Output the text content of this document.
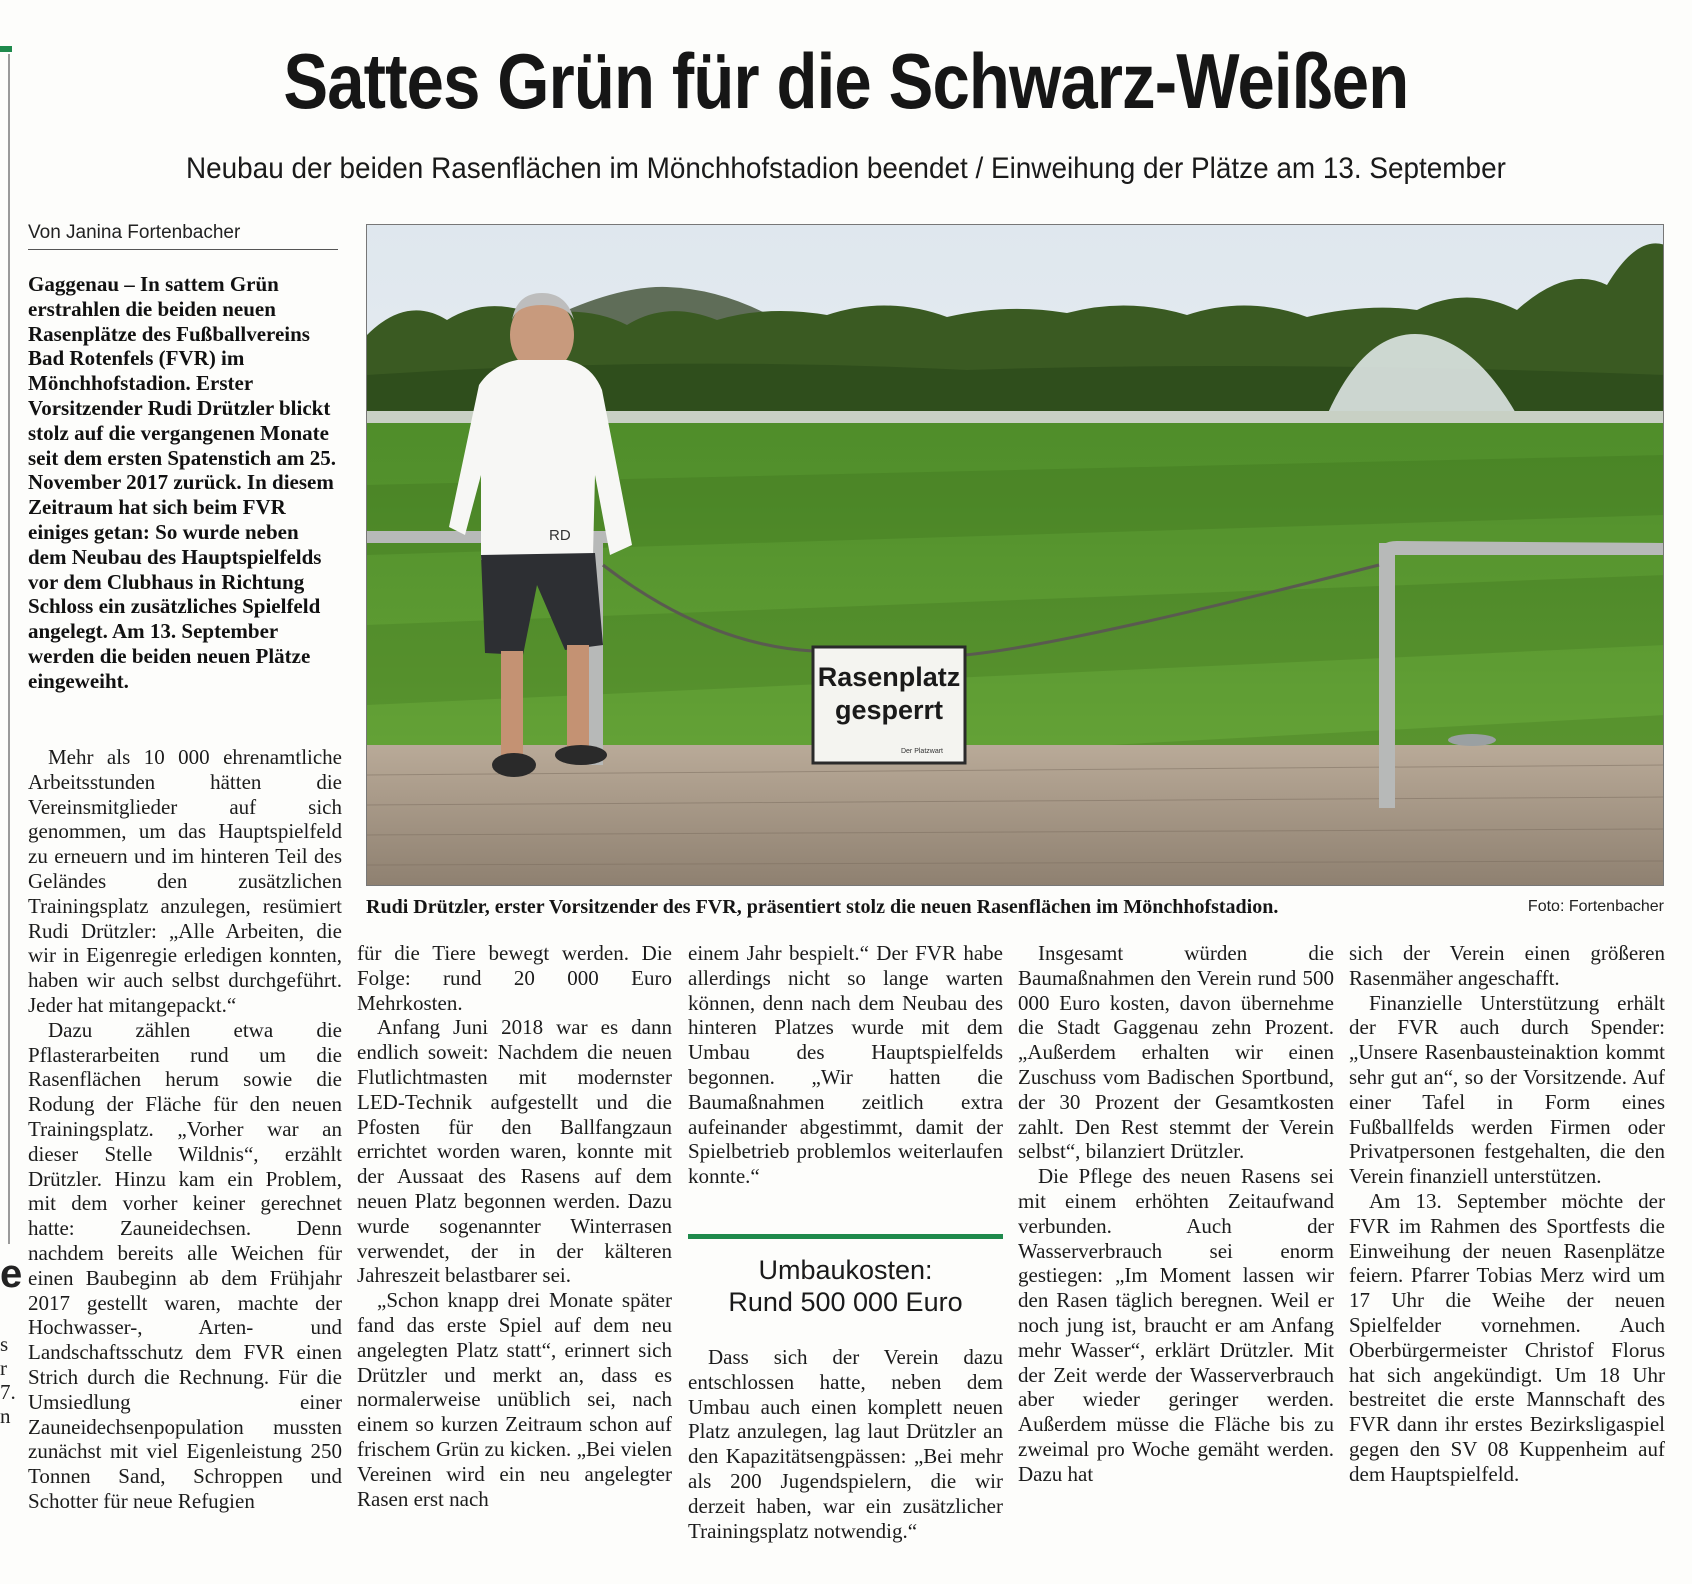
e
s
r
7.
n
Sattes Grün für die Schwarz-Weißen
Neubau der beiden Rasenflächen im Mönchhofstadion beendet / Einweihung der Plätze am 13. September
Von Janina Fortenbacher
Gaggenau – In sattem Grün erstrahlen die beiden neuen Rasenplätze des Fußballvereins Bad Rotenfels (FVR) im Mönchhofstadion. Erster Vorsitzender Rudi Drützler blickt stolz auf die vergangenen Monate seit dem ersten Spatenstich am 25. November 2017 zurück. In diesem Zeitraum hat sich beim FVR einiges getan: So wurde neben dem Neubau des Hauptspielfelds vor dem Clubhaus in Richtung Schloss ein zusätzliches Spielfeld angelegt. Am 13. September werden die beiden neuen Plätze eingeweiht.	Rasenplatz
gesperrt
Der Platzwart
RD
Rudi Drützler, erster Vorsitzender des FVR, präsentiert stolz die neuen Rasenflächen im Mönchhofstadion.	Foto: Fortenbacher

Mehr als 10 000 ehrenamtliche Arbeitsstunden hätten die Vereinsmitglieder auf sich genommen, um das Hauptspielfeld zu erneuern und im hinteren Teil des Geländes den zusätzlichen Trainingsplatz anzulegen, resümiert Rudi Drützler: „Alle Arbeiten, die wir in Eigenregie erledigen konnten, haben wir auch selbst durchgeführt. Jeder hat mitangepackt.“

Dazu zählen etwa die Pflasterarbeiten rund um die Rasenflächen herum sowie die Rodung der Fläche für den neuen Trainingsplatz. „Vorher war an dieser Stelle Wildnis“, erzählt Drützler. Hinzu kam ein Problem, mit dem vorher keiner gerechnet hatte: Zauneidechsen. Denn nachdem bereits alle Weichen für einen Baubeginn ab dem Frühjahr 2017 gestellt waren, machte der Hochwasser-, Arten- und Landschaftsschutz dem FVR einen Strich durch die Rechnung. Für die Umsiedlung einer Zauneidechsenpopulation mussten zunächst mit viel Eigenleistung 250 Tonnen Sand, Schroppen und Schotter für neue Refugien

für die Tiere bewegt werden. Die Folge: rund 20 000 Euro Mehrkosten.

Anfang Juni 2018 war es dann endlich soweit: Nachdem die neuen Flutlichtmasten mit modernster LED-Technik aufgestellt und die Pfosten für den Ballfangzaun errichtet worden waren, konnte mit der Aussaat des Rasens auf dem neuen Platz begonnen werden. Dazu wurde sogenannter Winterrasen verwendet, der in der kälteren Jahreszeit belastbarer sei.

„Schon knapp drei Monate später fand das erste Spiel auf dem neu angelegten Platz statt“, erinnert sich Drützler und merkt an, dass es normalerweise unüblich sei, nach einem so kurzen Zeitraum schon auf frischem Grün zu kicken. „Bei vielen Vereinen wird ein neu angelegter Rasen erst nach

einem Jahr bespielt.“ Der FVR habe allerdings nicht so lange warten können, denn nach dem Neubau des hinteren Platzes wurde mit dem Umbau des Hauptspielfelds begonnen. „Wir hatten die Baumaßnahmen zeitlich extra aufeinander abgestimmt, damit der Spielbetrieb problemlos weiterlaufen konnte.“

Umbaukosten:
Rund 500 000 Euro

Dass sich der Verein dazu entschlossen hatte, neben dem Umbau auch einen komplett neuen Platz anzulegen, lag laut Drützler an den Kapazitätsengpässen: „Bei mehr als 200 Jugendspielern, die wir derzeit haben, war ein zusätzlicher Trainingsplatz notwendig.“

Insgesamt würden die Baumaßnahmen den Verein rund 500 000 Euro kosten, davon übernehme die Stadt Gaggenau zehn Prozent. „Außerdem erhalten wir einen Zuschuss vom Badischen Sportbund, der 30 Prozent der Gesamtkosten zahlt. Den Rest stemmt der Verein selbst“, bilanziert Drützler.

Die Pflege des neuen Rasens sei mit einem erhöhten Zeitaufwand verbunden. Auch der Wasserverbrauch sei enorm gestiegen: „Im Moment lassen wir den Rasen täglich beregnen. Weil er noch jung ist, braucht er am Anfang mehr Wasser“, erklärt Drützler. Mit der Zeit werde der Wasserverbrauch aber wieder geringer werden. Außerdem müsse die Fläche bis zu zweimal pro Woche gemäht werden. Dazu hat

sich der Verein einen größeren Rasenmäher angeschafft.

Finanzielle Unterstützung erhält der FVR auch durch Spender: „Unsere Rasenbausteinaktion kommt sehr gut an“, so der Vorsitzende. Auf einer Tafel in Form eines Fußballfelds werden Firmen oder Privatpersonen festgehalten, die den Verein finanziell unterstützen.

Am 13. September möchte der FVR im Rahmen des Sportfests die Einweihung der neuen Rasenplätze feiern. Pfarrer Tobias Merz wird um 17 Uhr die Weihe der neuen Spielfelder vornehmen. Auch Oberbürgermeister Christof Florus hat sich angekündigt. Um 18 Uhr bestreitet die erste Mannschaft des FVR dann ihr erstes Bezirksligaspiel gegen den SV 08 Kuppenheim auf dem Hauptspielfeld.
